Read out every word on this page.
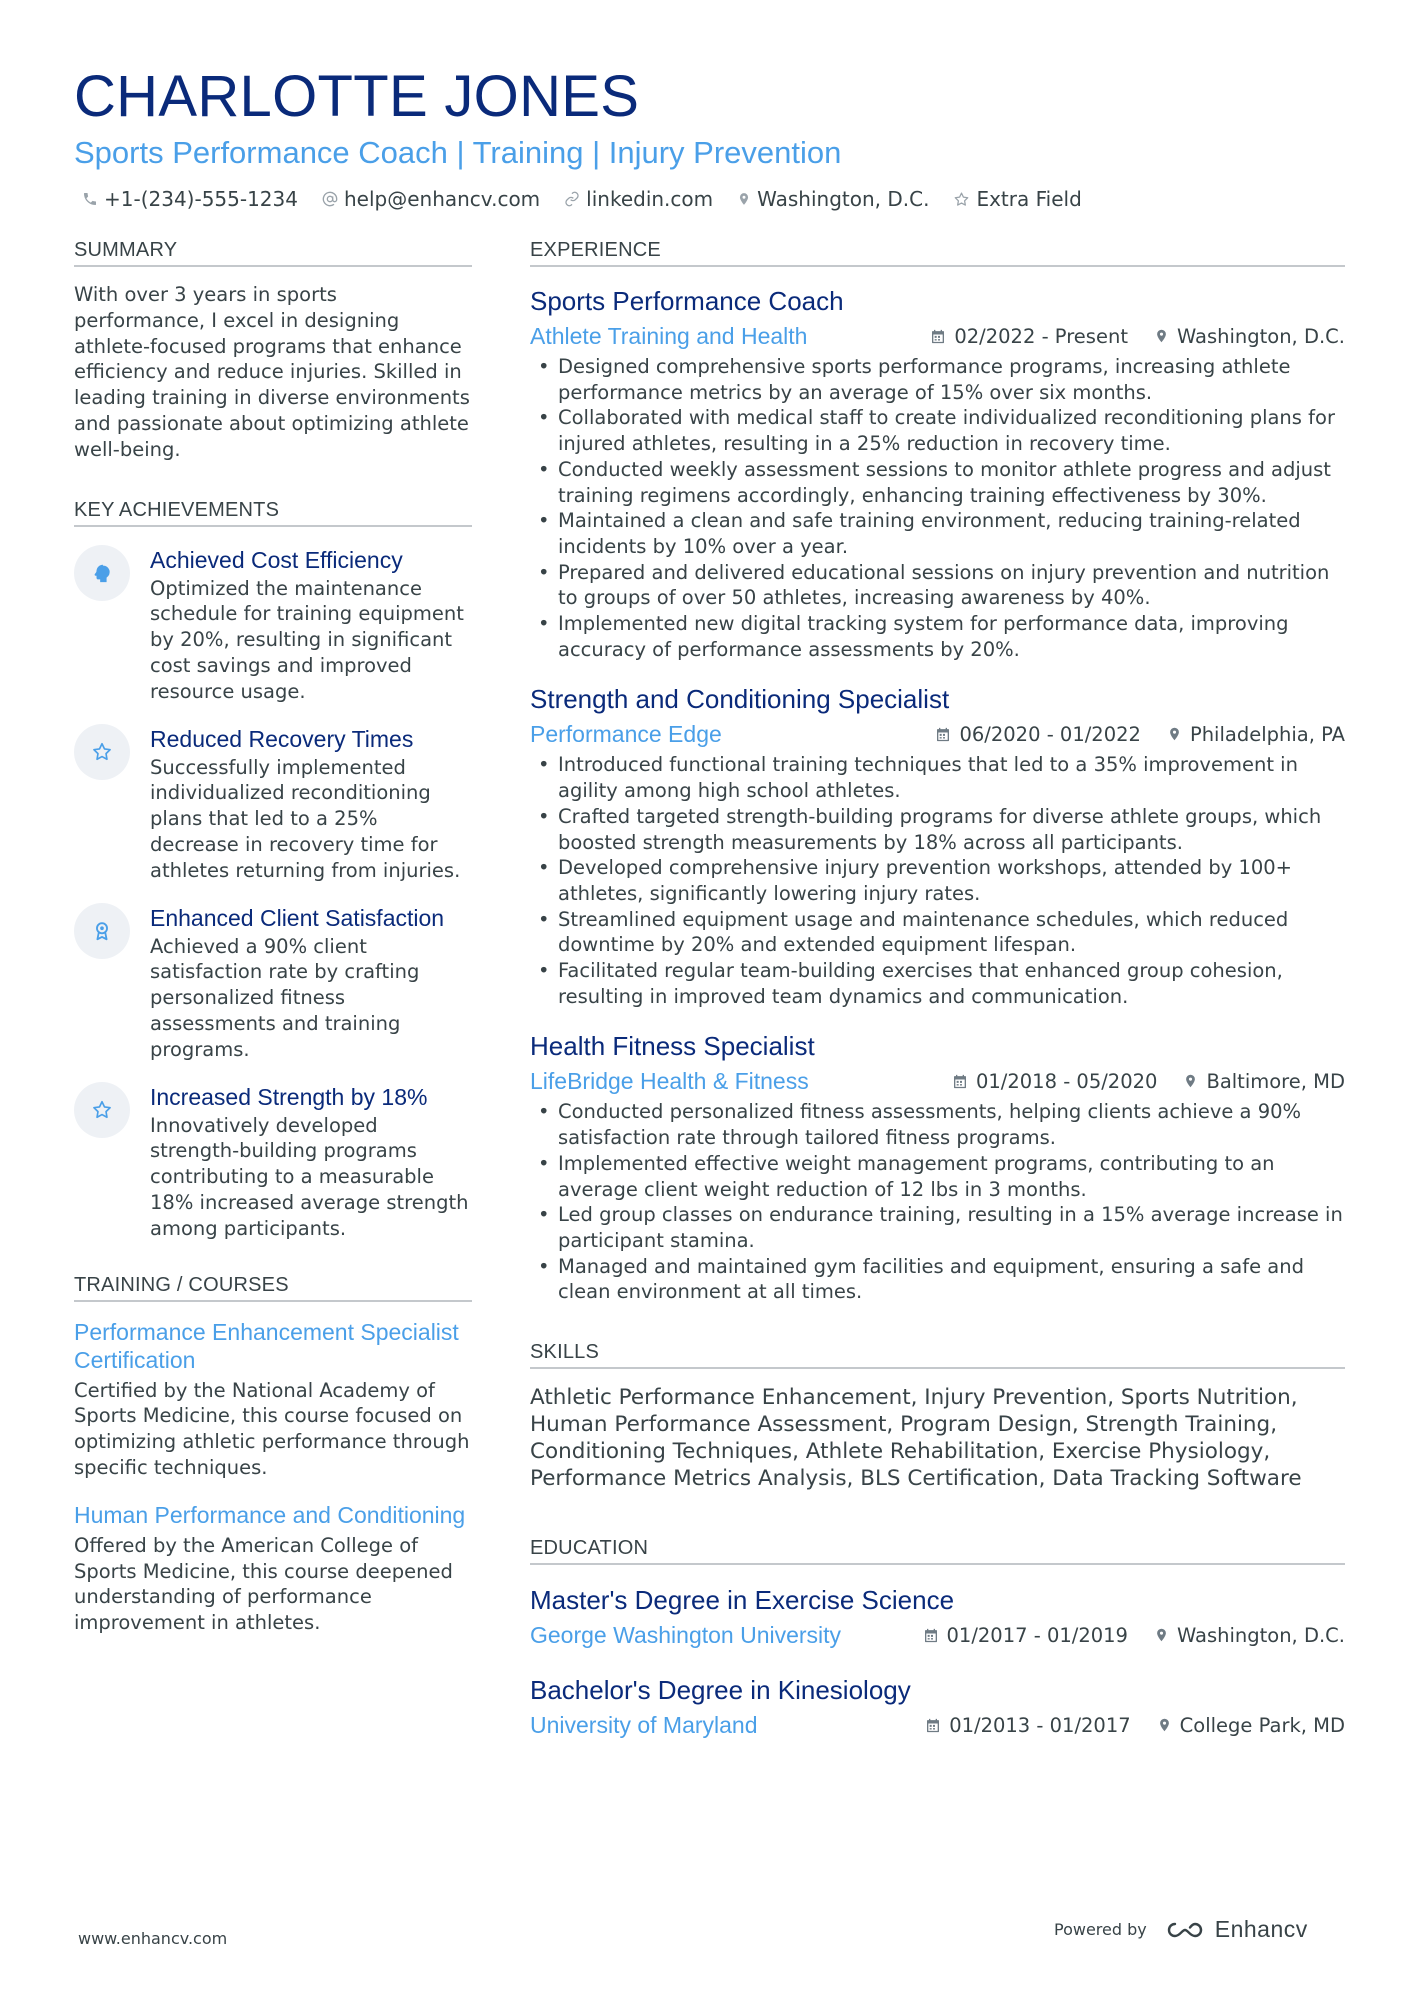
CHARLOTTE JONES
Sports Performance Coach | Training | Injury Prevention
+1-(234)-555-1234 help@enhancv.com linkedin.com Washington, D.C. Extra Field
SUMMARY

With over 3 years in sports performance, I excel in designing athlete-focused programs that enhance efficiency and reduce injuries. Skilled in leading training in diverse environments and passionate about optimizing athlete well-being.

KEY ACHIEVEMENTS
Achieved Cost Efficiency

Optimized the maintenance schedule for training equipment by 20%, resulting in significant cost savings and improved resource usage.

Reduced Recovery Times

Successfully implemented individualized reconditioning plans that led to a 25% decrease in recovery time for athletes returning from injuries.

Enhanced Client Satisfaction

Achieved a 90% client satisfaction rate by crafting personalized fitness assessments and training programs.

Increased Strength by 18%

Innovatively developed strength-building programs contributing to a measurable 18% increased average strength among participants.

TRAINING / COURSES
Performance Enhancement Specialist Certification

Certified by the National Academy of Sports Medicine, this course focused on optimizing athletic performance through specific techniques.

Human Performance and Conditioning

Offered by the American College of Sports Medicine, this course deepened understanding of performance improvement in athletes.

EXPERIENCE
Sports Performance Coach
Athlete Training and Health	02/2022 - Present	Washington, D.C.
• Designed comprehensive sports performance programs, increasing athlete performance metrics by an average of 15% over six months.
• Collaborated with medical staff to create individualized reconditioning plans for injured athletes, resulting in a 25% reduction in recovery time.
• Conducted weekly assessment sessions to monitor athlete progress and adjust training regimens accordingly, enhancing training effectiveness by 30%.
• Maintained a clean and safe training environment, reducing training-related incidents by 10% over a year.
• Prepared and delivered educational sessions on injury prevention and nutrition to groups of over 50 athletes, increasing awareness by 40%.
• Implemented new digital tracking system for performance data, improving accuracy of performance assessments by 20%.
Strength and Conditioning Specialist
Performance Edge	06/2020 - 01/2022	Philadelphia, PA
• Introduced functional training techniques that led to a 35% improvement in agility among high school athletes.
• Crafted targeted strength-building programs for diverse athlete groups, which boosted strength measurements by 18% across all participants.
• Developed comprehensive injury prevention workshops, attended by 100+ athletes, significantly lowering injury rates.
• Streamlined equipment usage and maintenance schedules, which reduced downtime by 20% and extended equipment lifespan.
• Facilitated regular team-building exercises that enhanced group cohesion, resulting in improved team dynamics and communication.
Health Fitness Specialist
LifeBridge Health & Fitness	01/2018 - 05/2020	Baltimore, MD
• Conducted personalized fitness assessments, helping clients achieve a 90% satisfaction rate through tailored fitness programs.
• Implemented effective weight management programs, contributing to an average client weight reduction of 12 lbs in 3 months.
• Led group classes on endurance training, resulting in a 15% average increase in participant stamina.
• Managed and maintained gym facilities and equipment, ensuring a safe and clean environment at all times.
SKILLS

Athletic Performance Enhancement, Injury Prevention, Sports Nutrition, Human Performance Assessment, Program Design, Strength Training, Conditioning Techniques, Athlete Rehabilitation, Exercise Physiology, Performance Metrics Analysis, BLS Certification, Data Tracking Software

EDUCATION
Master's Degree in Exercise Science
George Washington University	01/2017 - 01/2019	Washington, D.C.
Bachelor's Degree in Kinesiology
University of Maryland	01/2013 - 01/2017	College Park, MD
www.enhancv.com	Powered by	Enhancv
